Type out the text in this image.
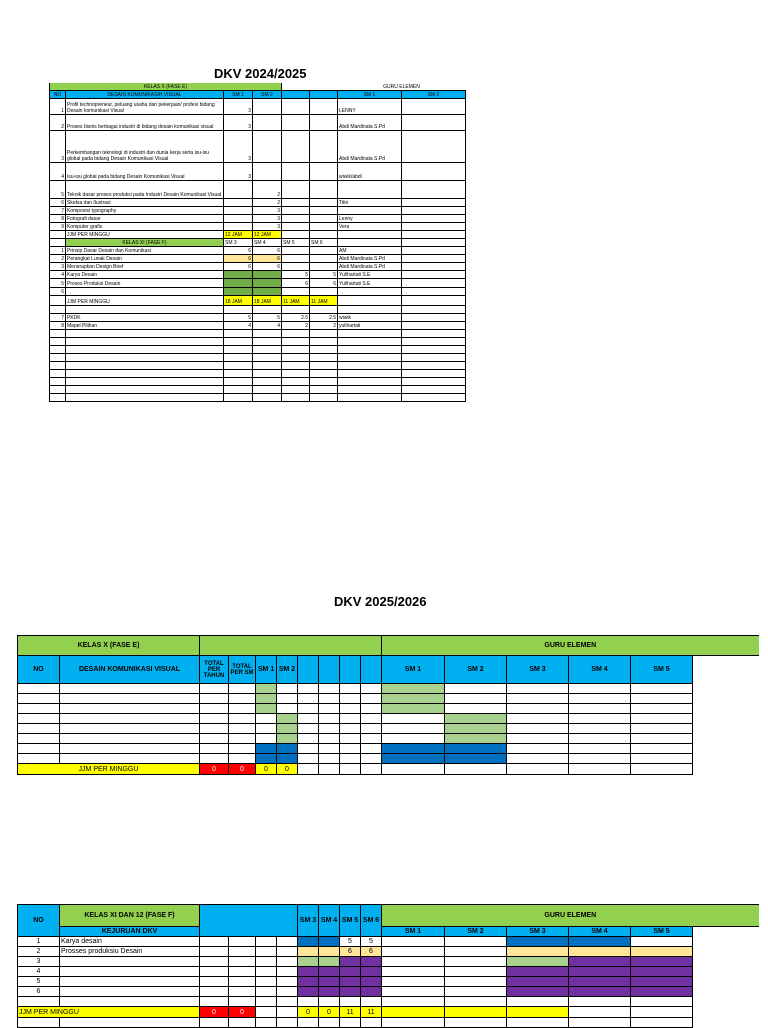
DKV 2024/2025
KELAS X (FASE E)						GURU ELEMEN	
NO	DESAIN KOMUNIKASIH VISUAL	SM 1	SM 2			SM 1	SM 2
1	Profil technopreneur, peluang usaha dan pekerjaan/ profesi bidang Desain komunikasi Visual	3				LENNY	
2	Proses bisnis berbagai industri di bidang desain komunikasi visual	3				Abdi Mardinata S.Pd	
3	Perkembangan teknologi di industri dan dunia kerja serta isu-isu global pada bidang Desain Komunikasi Visual	3				Abdi Mardinata S.Pd	
4	Isu-isu global pada bidang Desain Komunikasi Visual	3				wiwik/abdi	
5	Teknik dasar proses produksi pada Industri Desain Komunikasi Visual		2				
6	Sketsa dan Ilustrasi		2			Titin	
7	Komposisi typography		3				
8	Fotografi dasar		3			Lenny	
9	Komputer grafis		3			Vera	
	JJM PER MINGGU	12 JAM	12 JAM				
	KELAS XI (FASE F)	SM 3	SM 4	SM 5	SM 6		
1	Prinsip Dasar Desain dan Komunikasi	6	6			AM	
2	Perangkat Lunak Desain	6	6			Abdi Mardinata S.Pd	
3	Menerapkan Design Brief	6	6			Abdi Mardinata S.Pd	
4	Karya Desain			5	5	Yulihartati S.E	
5	Proses Produksi Desain			6	6	Yulihartati S.E	
6							
	JJM PER MINGGU	18 JAM	18 JAM	11 JAM	11 JAM		

7	PKDK	5	5	2.5	2.5	wiwik	
8	Mapel Pilihan	4	4	2	2	yulihartati	

DKV 2025/2026
KELAS X (FASE E)										GURU ELEMEN					
NO	DESAIN KOMUNIKASI VISUAL	TOTAL PER TAHUN	TOTAL PER SM	SM 1	SM 2					SM 1	SM 2	SM 3	SM 4	SM 5	

JJM PER MINGGU		0	0	0	0										
NO	KELAS XI DAN 12 (FASE F)					SM 3	SM 4	SM 5	SM 6	GURU ELEMEN					
	KEJURUAN DKV									SM 1	SM 2	SM 3	SM 4	SM 5	
1	Karya desain							5	5						
2	Prosses produksiu Desain							6	6						
3															
4															
5															
6															

JJM PER MINGGU		0	0			0	0	11	11						
